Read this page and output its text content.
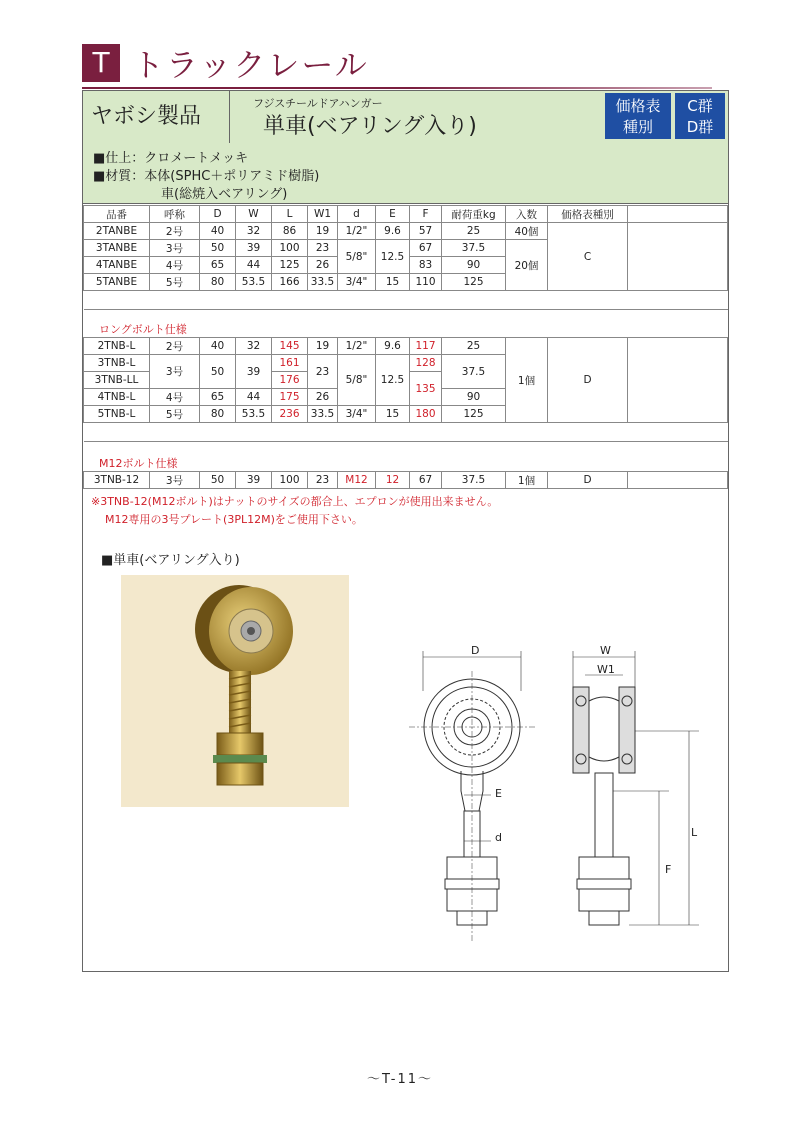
T トラックレール
ヤボシ製品
フジスチールドアハンガー
単車(ベアリング入り)
価格表
種別
C群
D群
■仕上：クロメートメッキ
■材質：本体(SPHC＋ポリアミド樹脂)
車(総焼入ベアリング)
品番	呼称	D	W	L	W1	d	E	F	耐荷重kg	入数	価格表種別	
2TANBE	2号	40	32	86	19	1/2"	9.6	57	25	40個	C	
3TANBE	3号	50	39	100	23	5/8"	12.5	67	37.5	20個		
4TANBE	4号	65	44	125	26			83	90			
5TANBE	5号	80	53.5	166	33.5	3/4"	15	110	125			

ロングボルト仕様
2TNB-L	2号	40	32	145	19	1/2"	9.6	117	25	1個	D	
3TNB-L	3号	50	39	161	23	5/8"	12.5	128	37.5			
3TNB-LL				176				135				
4TNB-L	4号	65	44	175	26				90			
5TNB-L	5号	80	53.5	236	33.5	3/4"	15	180	125			

M12ボルト仕様
3TNB-12	3号	50	39	100	23	M12	12	67	37.5	1個	D	
※3TNB-12(M12ボルト)はナットのサイズの都合上、エプロンが使用出来ません。
M12専用の3号プレート(3PL12M)をご使用下さい。
■単車(ベアリング入り)
D
E
d
W
W1
L
F
～T-11～
